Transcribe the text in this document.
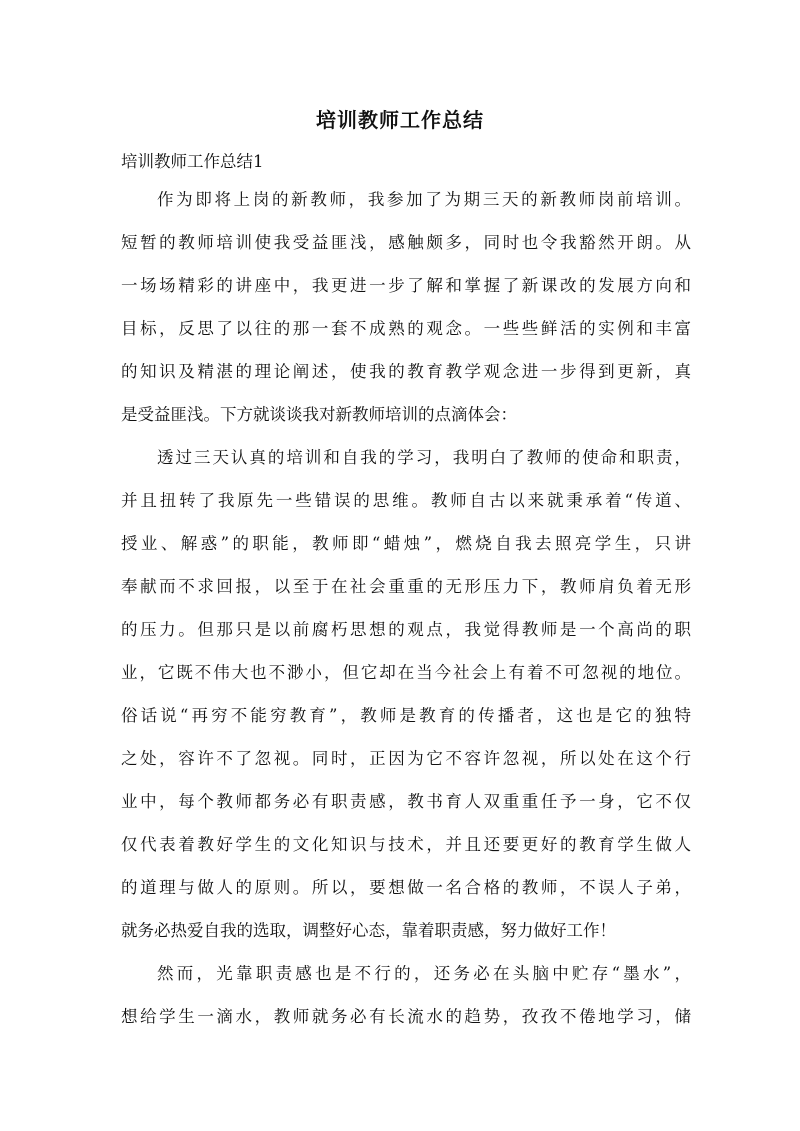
培训教师工作总结
培训教师工作总结1
作为即将上岗的新教师，我参加了为期三天的新教师岗前培训。
短暂的教师培训使我受益匪浅，感触颇多，同时也令我豁然开朗。从
一场场精彩的讲座中，我更进一步了解和掌握了新课改的发展方向和
目标，反思了以往的那一套不成熟的观念。一些些鲜活的实例和丰富
的知识及精湛的理论阐述，使我的教育教学观念进一步得到更新，真
是受益匪浅。下方就谈谈我对新教师培训的点滴体会：
透过三天认真的培训和自我的学习，我明白了教师的使命和职责，
并且扭转了我原先一些错误的思维。教师自古以来就秉承着“传道、
授业、解惑”的职能，教师即“蜡烛”，燃烧自我去照亮学生，只讲
奉献而不求回报，以至于在社会重重的无形压力下，教师肩负着无形
的压力。但那只是以前腐朽思想的观点，我觉得教师是一个高尚的职
业，它既不伟大也不渺小，但它却在当今社会上有着不可忽视的地位。
俗话说“再穷不能穷教育”，教师是教育的传播者，这也是它的独特
之处，容许不了忽视。同时，正因为它不容许忽视，所以处在这个行
业中，每个教师都务必有职责感，教书育人双重重任予一身，它不仅
仅代表着教好学生的文化知识与技术，并且还要更好的教育学生做人
的道理与做人的原则。所以，要想做一名合格的教师，不误人子弟，
就务必热爱自我的选取，调整好心态，靠着职责感，努力做好工作！
然而，光靠职责感也是不行的，还务必在头脑中贮存“墨水”，
想给学生一滴水，教师就务必有长流水的趋势，孜孜不倦地学习，储
